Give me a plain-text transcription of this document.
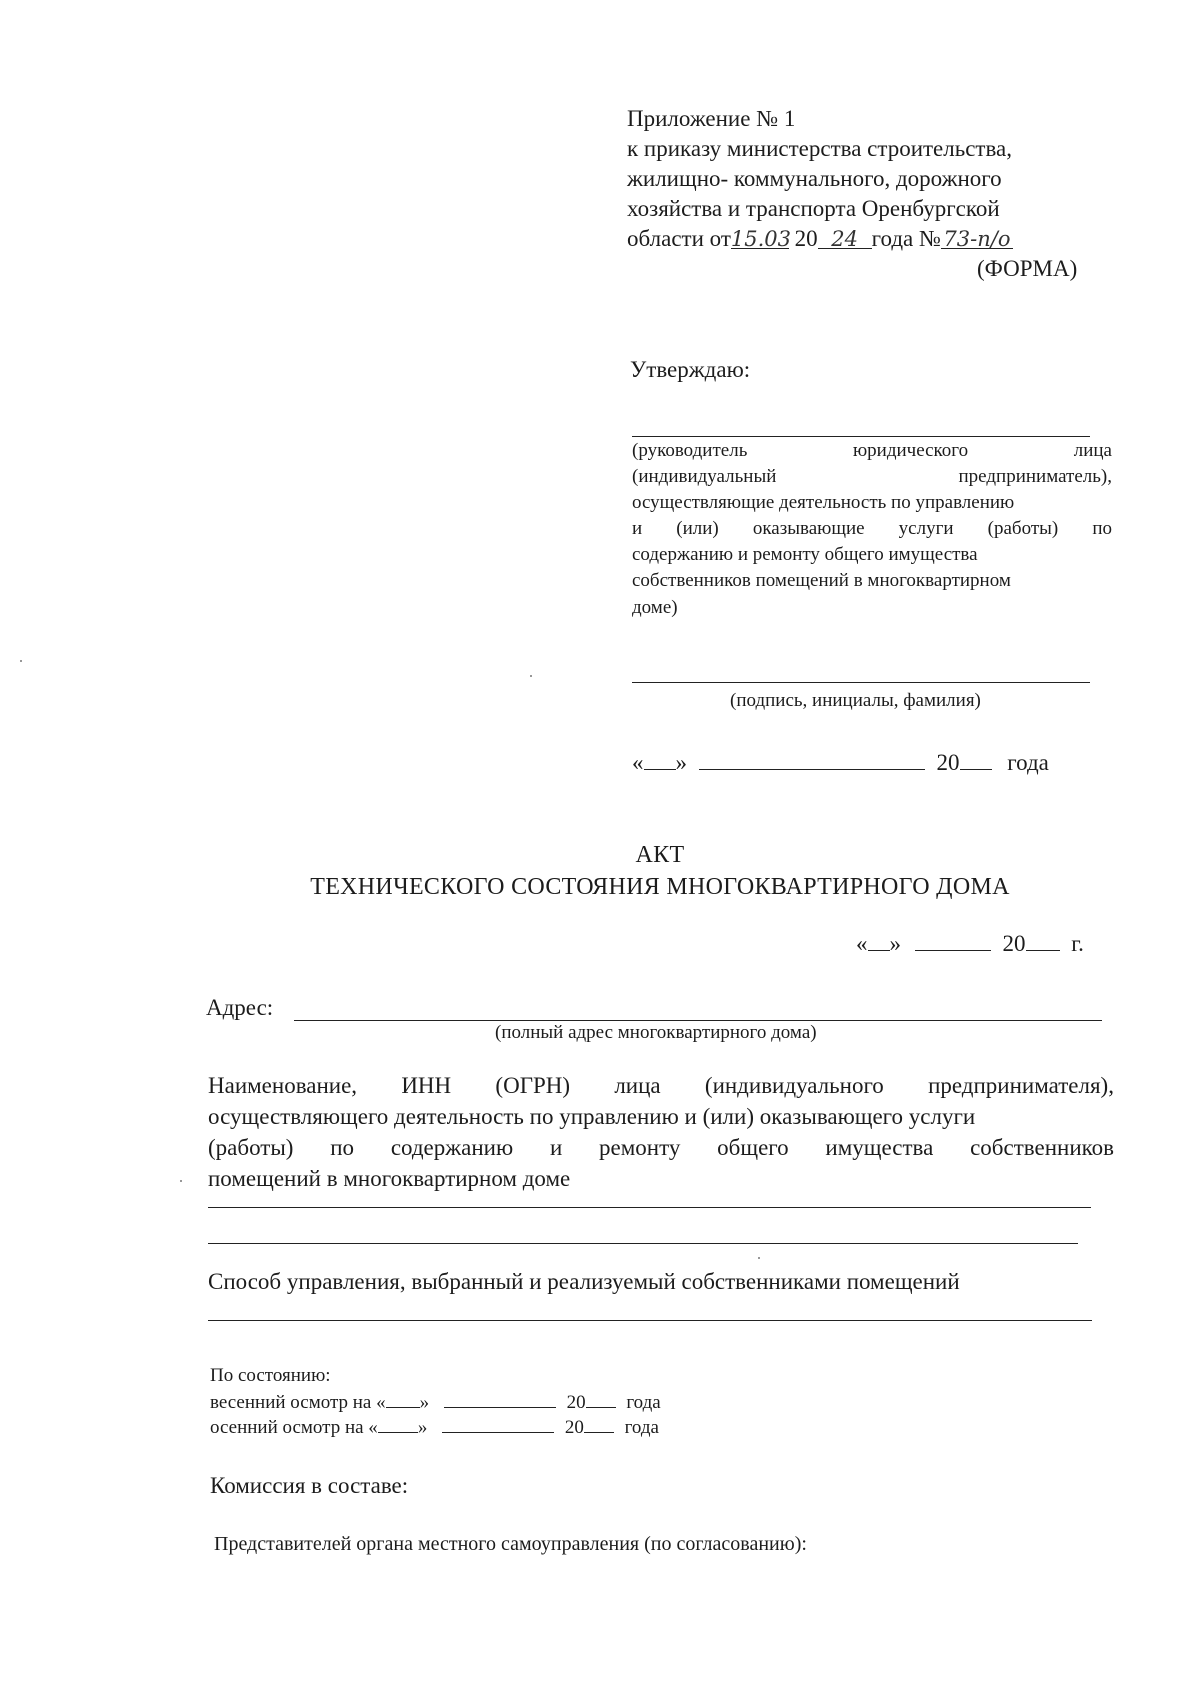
Приложение № 1
к приказу министерства строительства,
жилищно- коммунального, дорожного
хозяйства и транспорта Оренбургской
области от15.03 20 24 года № 73-п/о
(ФОРМА)
Утверждаю:
(руководитель	юридического	лица
(индивидуальный	предприниматель),
осуществляющие деятельность по управлению
и (или) оказывающие услуги (работы) по
содержанию и ремонту общего имущества
собственников помещений в многоквартирном
доме)
(подпись, инициалы, фамилия)
« »	20 года
АКТ
ТЕХНИЧЕСКОГО СОСТОЯНИЯ МНОГОКВАРТИРНОГО ДОМА
« »	20 г.
Адрес:
(полный адрес многоквартирного дома)
Наименование, ИНН (ОГРН) лица (индивидуального предпринимателя),
осуществляющего деятельность по управлению и (или) оказывающего услуги
(работы) по содержанию и ремонту общего имущества собственников
помещений в многоквартирном доме
Способ управления, выбранный и реализуемый собственниками помещений
По состоянию:
весенний осмотр на « »	20 года
осенний осмотр на « »	20 года
Комиссия в составе:
Представителей органа местного самоуправления (по согласованию):
